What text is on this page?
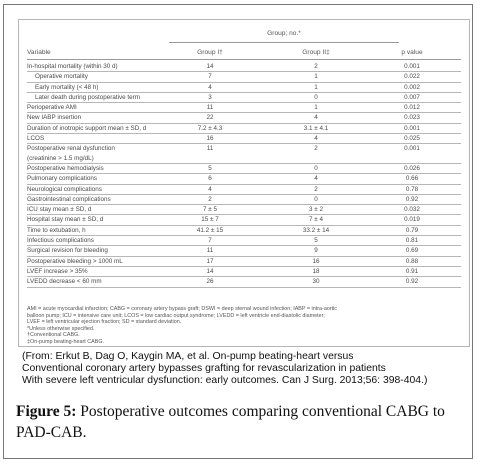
Group; no.*
Variable	Group I†	Group II‡	p value
In-hospital mortality (within 30 d)	14	2	0.001
Operative mortality	7	1	0.022
Early mortality (< 48 h)	4	1	0.002
Later death during postoperative term	3	0	0.007
Perioperative AMI	11	1	0.012
New IABP insertion	22	4	0.023
Duration of inotropic support mean ± SD, d	7.2 ± 4.3	3.1 ± 4.1	0.001
LCOS	16	4	0.025
Postoperative renal dysfunction
(creatinine > 1.5 mg/dL)
11	2	0.001
Postoperative hemodialysis	5	0	0.026
Pulmonary complications	6	4	0.66
Neurological complications	4	2	0.78
Gastrointestinal complications	2	0	0.92
ICU stay mean ± SD, d	7 ± 5	3 ± 2	0.032
Hospital stay mean ± SD, d	15 ± 7	7 ± 4	0.019
Time to extubation, h	41.2 ± 15	33.2 ± 14	0.79
Infectious complications	7	5	0.81
Surgical revision for bleeding	11	9	0.69
Postoperative bleeding > 1000 mL	17	16	0.88
LVEF increase > 35%	14	18	0.91
LVEDD decrease < 60 mm	26	30	0.92
AMI = acute myocardial infarction; CABG = coronary artery bypass graft; DSWI = deep sternal wound infection; IABP = intra-aortic
balloon pump; ICU = intensive care unit; LCOS = low cardiac output syndrome; LVEDD = left ventricle end-diastolic diameter;
LVEF = left ventricular ejection fraction; SD = standard deviation.
*Unless otherwise specified.
†Conventional CABG.
‡On-pump beating-heart CABG.
(From: Erkut B, Dag O, Kaygin MA, et al. On-pump beating-heart versus
Conventional coronary artery bypasses grafting for revascularization in patients
With severe left ventricular dysfunction: early outcomes. Can J Surg. 2013;56: 398-404.)
Figure 5: Postoperative outcomes comparing conventional CABG to PAD-CAB.
